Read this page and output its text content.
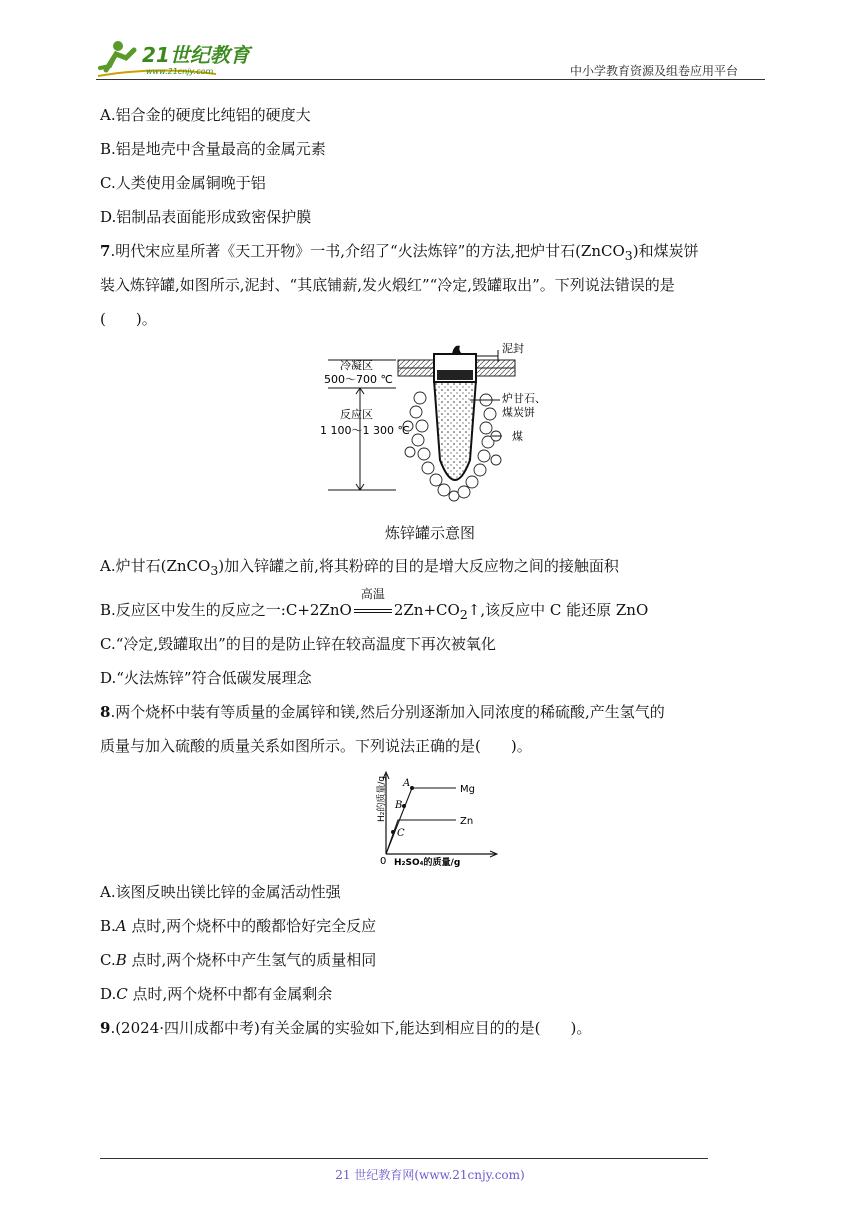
21世纪教育
www.21cnjy.com	中小学教育资源及组卷应用平台
A.铝合金的硬度比纯铝的硬度大
B.铝是地壳中含量最高的金属元素
C.人类使用金属铜晚于铝
D.铝制品表面能形成致密保护膜
7.明代宋应星所著《天工开物》一书,介绍了“火法炼锌”的方法,把炉甘石(ZnCO$_3$)和煤炭饼
装入炼锌罐,如图所示,泥封、“其底铺薪,发火煅红”“冷定,毁罐取出”。下列说法错误的是
(　　)。
冷凝区
500～700 ℃
反应区
1 100～1 300 ℃
泥封
炉甘石、
煤炭饼
煤
炼锌罐示意图
A.炉甘石(ZnCO$_3$)加入锌罐之前,将其粉碎的目的是增大反应物之间的接触面积
B.反应区中发生的反应之一:C+2ZnO
高温
$2Zn+CO_2↑$,该反应中 C 能还原 ZnO
C.“冷定,毁罐取出”的目的是防止锌在较高温度下再次被氧化
D.“火法炼锌”符合低碳发展理念
8.两个烧杯中装有等质量的金属锌和镁,然后分别逐渐加入同浓度的稀硫酸,产生氢气的
质量与加入硫酸的质量关系如图所示。下列说法正确的是(　　)。
H₂的质量/g
H₂SO₄的质量/g
0
A
B
C
Mg
Zn
A.该图反映出镁比锌的金属活动性强
B.A 点时,两个烧杯中的酸都恰好完全反应
C.B 点时,两个烧杯中产生氢气的质量相同
D.C 点时,两个烧杯中都有金属剩余
9.(2024·四川成都中考)有关金属的实验如下,能达到相应目的的是(　　)。
21 世纪教育网(www.21cnjy.com)
